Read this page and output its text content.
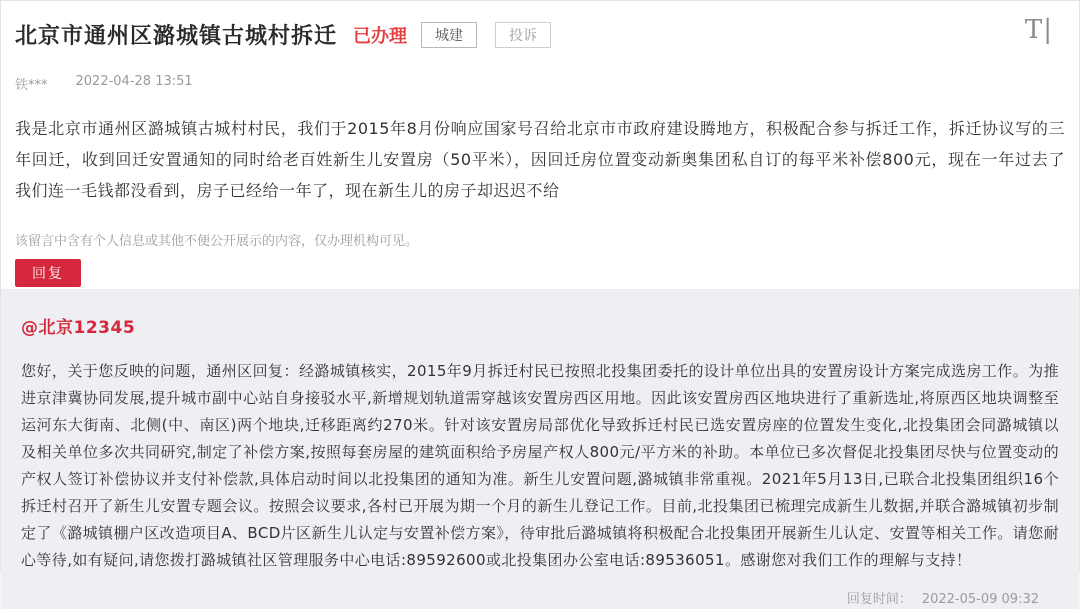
T|
北京市通州区潞城镇古城村拆迁 已办理	城建	投诉
铁*** 2022-04-28 13:51
我是北京市通州区潞城镇古城村村民，我们于2015年8月份响应国家号召给北京市市政府建设腾地方，积极配合参与拆迁工作，拆迁协议写的三年回迁，收到回迁安置通知的同时给老百姓新生儿安置房（50平米），因回迁房位置变动新奥集团私自订的每平米补偿800元，现在一年过去了我们连一毛钱都没看到，房子已经给一年了，现在新生儿的房子却迟迟不给
该留言中含有个人信息或其他不便公开展示的内容，仅办理机构可见。
回复
@北京12345
您好，关于您反映的问题，通州区回复：经潞城镇核实，2015年9月拆迁村民已按照北投集团委托的设计单位出具的安置房设计方案完成选房工作。为推进京津冀协同发展,提升城市副中心站自身接驳水平,新增规划轨道需穿越该安置房西区用地。因此该安置房西区地块进行了重新选址,将原西区地块调整至运河东大街南、北侧(中、南区)两个地块,迁移距离约270米。针对该安置房局部优化导致拆迁村民已选安置房座的位置发生变化,北投集团会同潞城镇以及相关单位多次共同研究,制定了补偿方案,按照每套房屋的建筑面积给予房屋产权人800元/平方米的补助。本单位已多次督促北投集团尽快与位置变动的产权人签订补偿协议并支付补偿款,具体启动时间以北投集团的通知为准。新生儿安置问题,潞城镇非常重视。2021年5月13日,已联合北投集团组织16个拆迁村召开了新生儿安置专题会议。按照会议要求,各村已开展为期一个月的新生儿登记工作。目前,北投集团已梳理完成新生儿数据,并联合潞城镇初步制定了《潞城镇棚户区改造项目A、BCD片区新生儿认定与安置补偿方案》，待审批后潞城镇将积极配合北投集团开展新生儿认定、安置等相关工作。请您耐心等待,如有疑问,请您拨打潞城镇社区管理服务中心电话:89592600或北投集团办公室电话:89536051。感谢您对我们工作的理解与支持！
回复时间： 2022-05-09 09:32
